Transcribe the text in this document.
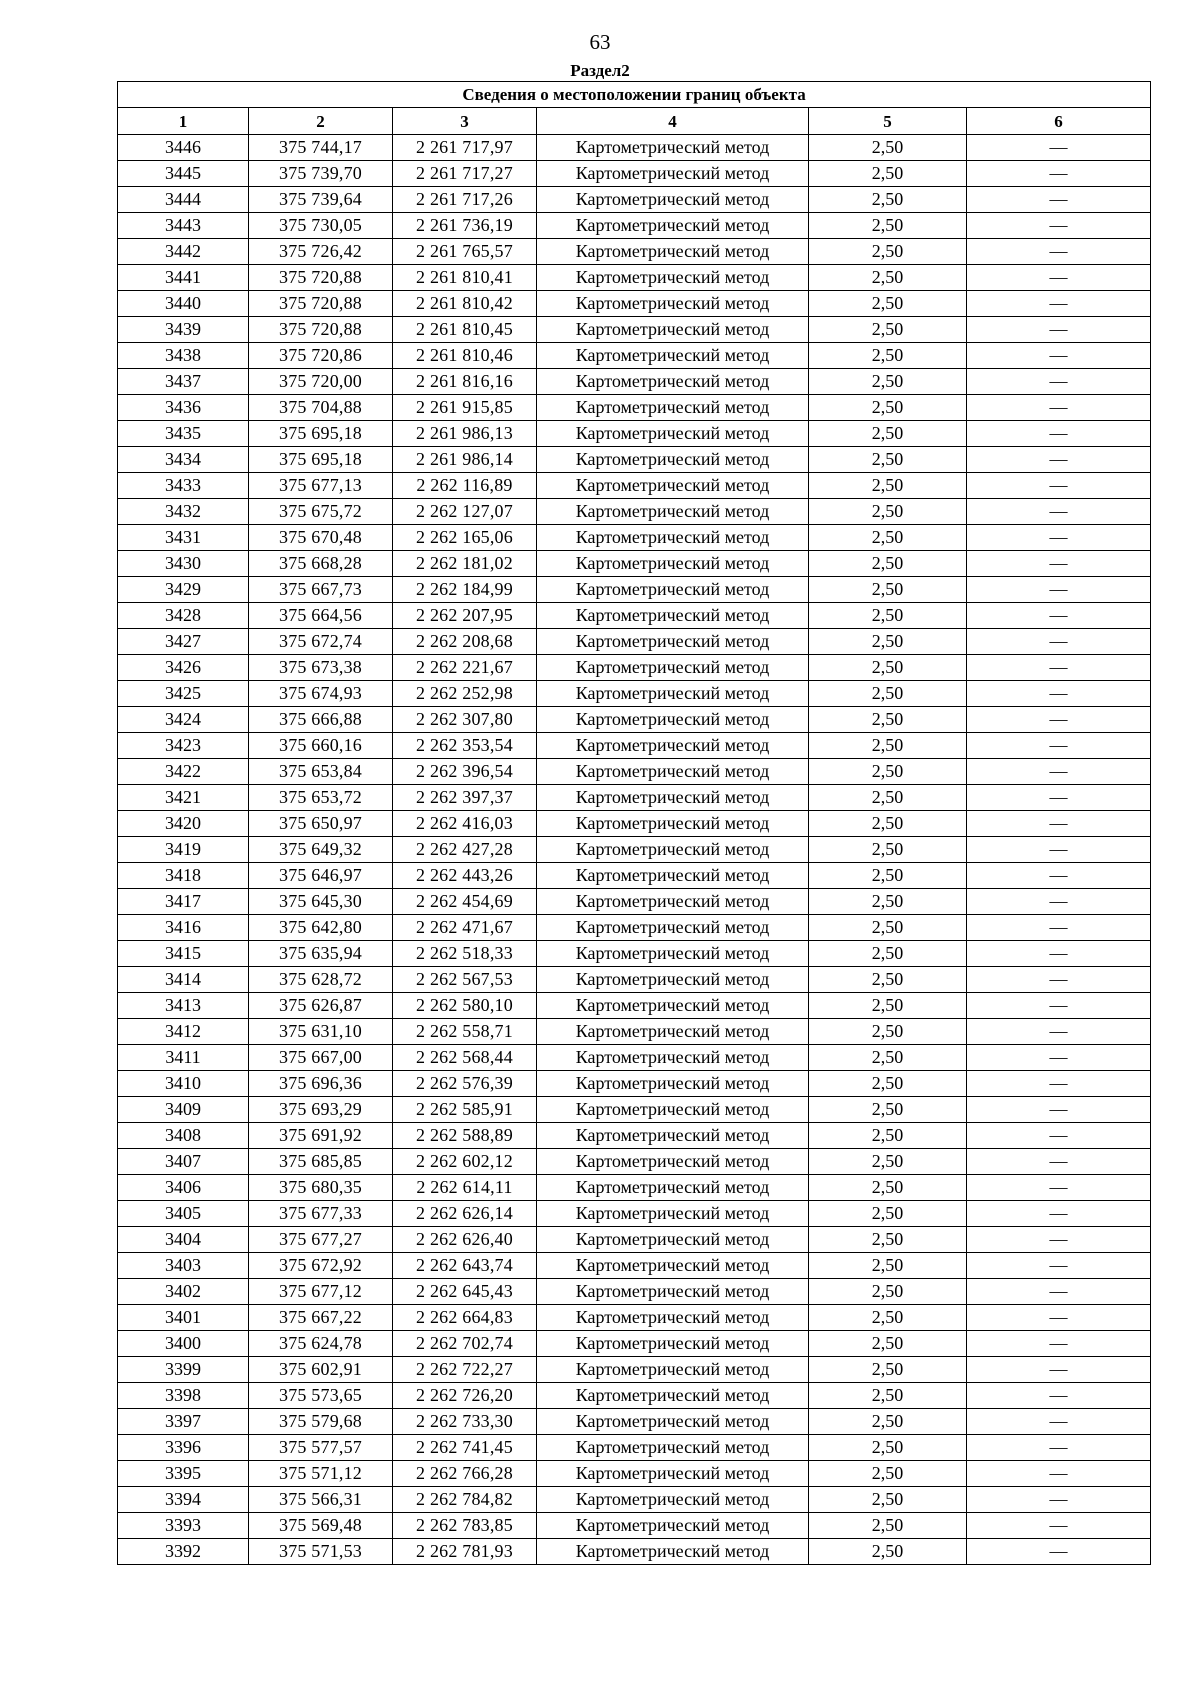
63
Раздел2
Сведения о местоположении границ объекта					
1	2	3	4	5	6
3446	375 744,17	2 261 717,97	Картометрический метод	2,50	—
3445	375 739,70	2 261 717,27	Картометрический метод	2,50	—
3444	375 739,64	2 261 717,26	Картометрический метод	2,50	—
3443	375 730,05	2 261 736,19	Картометрический метод	2,50	—
3442	375 726,42	2 261 765,57	Картометрический метод	2,50	—
3441	375 720,88	2 261 810,41	Картометрический метод	2,50	—
3440	375 720,88	2 261 810,42	Картометрический метод	2,50	—
3439	375 720,88	2 261 810,45	Картометрический метод	2,50	—
3438	375 720,86	2 261 810,46	Картометрический метод	2,50	—
3437	375 720,00	2 261 816,16	Картометрический метод	2,50	—
3436	375 704,88	2 261 915,85	Картометрический метод	2,50	—
3435	375 695,18	2 261 986,13	Картометрический метод	2,50	—
3434	375 695,18	2 261 986,14	Картометрический метод	2,50	—
3433	375 677,13	2 262 116,89	Картометрический метод	2,50	—
3432	375 675,72	2 262 127,07	Картометрический метод	2,50	—
3431	375 670,48	2 262 165,06	Картометрический метод	2,50	—
3430	375 668,28	2 262 181,02	Картометрический метод	2,50	—
3429	375 667,73	2 262 184,99	Картометрический метод	2,50	—
3428	375 664,56	2 262 207,95	Картометрический метод	2,50	—
3427	375 672,74	2 262 208,68	Картометрический метод	2,50	—
3426	375 673,38	2 262 221,67	Картометрический метод	2,50	—
3425	375 674,93	2 262 252,98	Картометрический метод	2,50	—
3424	375 666,88	2 262 307,80	Картометрический метод	2,50	—
3423	375 660,16	2 262 353,54	Картометрический метод	2,50	—
3422	375 653,84	2 262 396,54	Картометрический метод	2,50	—
3421	375 653,72	2 262 397,37	Картометрический метод	2,50	—
3420	375 650,97	2 262 416,03	Картометрический метод	2,50	—
3419	375 649,32	2 262 427,28	Картометрический метод	2,50	—
3418	375 646,97	2 262 443,26	Картометрический метод	2,50	—
3417	375 645,30	2 262 454,69	Картометрический метод	2,50	—
3416	375 642,80	2 262 471,67	Картометрический метод	2,50	—
3415	375 635,94	2 262 518,33	Картометрический метод	2,50	—
3414	375 628,72	2 262 567,53	Картометрический метод	2,50	—
3413	375 626,87	2 262 580,10	Картометрический метод	2,50	—
3412	375 631,10	2 262 558,71	Картометрический метод	2,50	—
3411	375 667,00	2 262 568,44	Картометрический метод	2,50	—
3410	375 696,36	2 262 576,39	Картометрический метод	2,50	—
3409	375 693,29	2 262 585,91	Картометрический метод	2,50	—
3408	375 691,92	2 262 588,89	Картометрический метод	2,50	—
3407	375 685,85	2 262 602,12	Картометрический метод	2,50	—
3406	375 680,35	2 262 614,11	Картометрический метод	2,50	—
3405	375 677,33	2 262 626,14	Картометрический метод	2,50	—
3404	375 677,27	2 262 626,40	Картометрический метод	2,50	—
3403	375 672,92	2 262 643,74	Картометрический метод	2,50	—
3402	375 677,12	2 262 645,43	Картометрический метод	2,50	—
3401	375 667,22	2 262 664,83	Картометрический метод	2,50	—
3400	375 624,78	2 262 702,74	Картометрический метод	2,50	—
3399	375 602,91	2 262 722,27	Картометрический метод	2,50	—
3398	375 573,65	2 262 726,20	Картометрический метод	2,50	—
3397	375 579,68	2 262 733,30	Картометрический метод	2,50	—
3396	375 577,57	2 262 741,45	Картометрический метод	2,50	—
3395	375 571,12	2 262 766,28	Картометрический метод	2,50	—
3394	375 566,31	2 262 784,82	Картометрический метод	2,50	—
3393	375 569,48	2 262 783,85	Картометрический метод	2,50	—
3392	375 571,53	2 262 781,93	Картометрический метод	2,50	—
